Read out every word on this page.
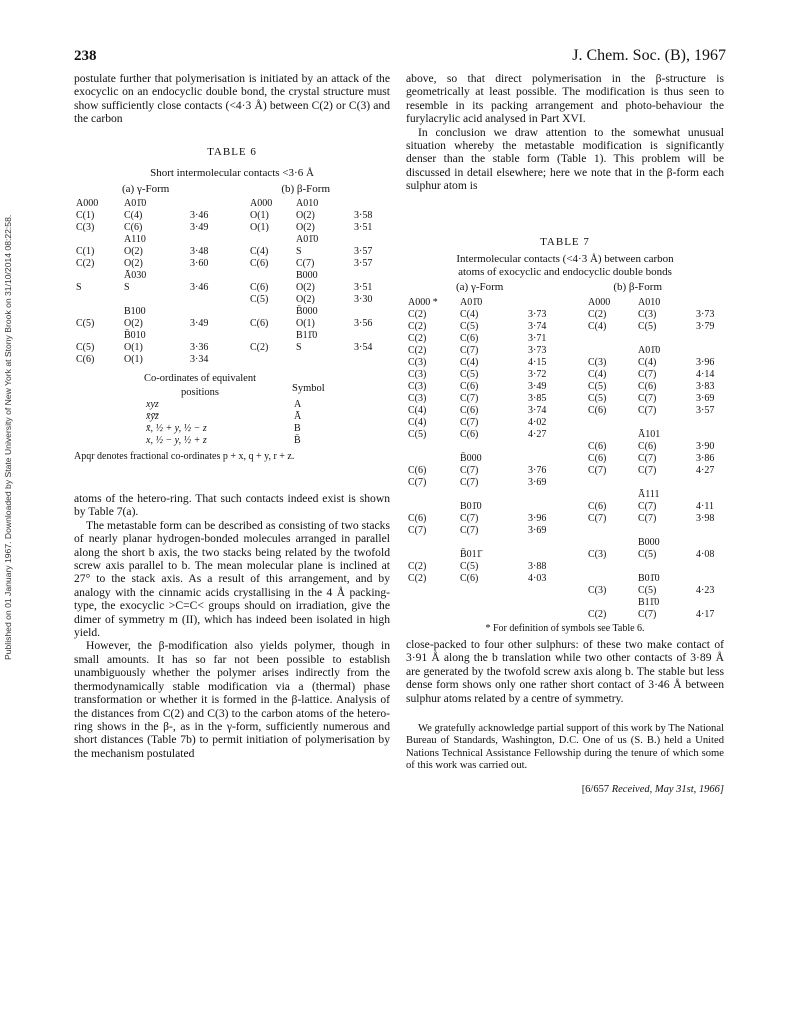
238	J. Chem. Soc. (B), 1967
Published on 01 January 1967. Downloaded by State University of New York at Stony Brook on 31/10/2014 08:22:58.

postulate further that polymerisation is initiated by an attack of the exocyclic on an endocyclic double bond, the crystal structure must show sufficiently close contacts (<4·3 Å) between C(2) or C(3) and the carbon

TABLE 6
Short intermolecular contacts <3·6 Å
(a) γ-Form	(b) β-Form
A000	A01̄0		A000	A010	
C(1)	C(4)	3·46	O(1)	O(2)	3·58
C(3)	C(6)	3·49	O(1)	O(2)	3·51
	A110			A01̄0	
C(1)	O(2)	3·48	C(4)	S	3·57
C(2)	O(2)	3·60	C(6)	C(7)	3·57
	Ā030			B000	
S	S	3·46	C(6)	O(2)	3·51
			C(5)	O(2)	3·30
	B100			B̄000	
C(5)	O(2)	3·49	C(6)	O(1)	3·56
	B̄010			B11̄0	
C(5)	O(1)	3·36	C(2)	S	3·54
C(6)	O(1)	3·34			
Co-ordinates of equivalent positions	Symbol
xyz	A
x̄ȳz̄	Ā
x̄, ½ + y, ½ − z	B
x, ½ − y, ½ + z	B̄
Apqr denotes fractional co-ordinates p + x, q + y, r + z.

atoms of the hetero-ring. That such contacts indeed exist is shown by Table 7(a).

The metastable form can be described as consisting of two stacks of nearly planar hydrogen-bonded molecules arranged in parallel along the short b axis, the two stacks being related by the twofold screw axis parallel to b. The mean molecular plane is inclined at 27° to the stack axis. As a result of this arrangement, and by analogy with the cinnamic acids crystallising in the 4 Å packing-type, the exocyclic >C=C< groups should on irradiation, give the dimer of symmetry m (II), which has indeed been isolated in high yield.

However, the β-modification also yields polymer, though in small amounts. It has so far not been possible to establish unambiguously whether the polymer arises indirectly from the thermodynamically stable modification via a (thermal) phase transformation or whether it is formed in the β-lattice. Analysis of the distances from C(2) and C(3) to the carbon atoms of the hetero-ring shows in the β-, as in the γ-form, sufficiently numerous and short distances (Table 7b) to permit initiation of polymerisation by the mechanism postulated

above, so that direct polymerisation in the β-structure is geometrically at least possible. The modification is thus seen to resemble in its packing arrangement and photo-behaviour the furylacrylic acid analysed in Part XVI.

In conclusion we draw attention to the somewhat unusual situation whereby the metastable modification is significantly denser than the stable form (Table 1). This problem will be discussed in detail elsewhere; here we note that in the β-form each sulphur atom is

TABLE 7
Intermolecular contacts (<4·3 Å) between carbon atoms of exocyclic and endocyclic double bonds
(a) γ-Form	(b) β-Form
A000 *	A01̄0		A000	A010	
C(2)	C(4)	3·73	C(2)	C(3)	3·73
C(2)	C(5)	3·74	C(4)	C(5)	3·79
C(2)	C(6)	3·71			
C(2)	C(7)	3·73		A01̄0	
C(3)	C(4)	4·15	C(3)	C(4)	3·96
C(3)	C(5)	3·72	C(4)	C(7)	4·14
C(3)	C(6)	3·49	C(5)	C(6)	3·83
C(3)	C(7)	3·85	C(5)	C(7)	3·69
C(4)	C(6)	3·74	C(6)	C(7)	3·57
C(4)	C(7)	4·02			
C(5)	C(6)	4·27		Ā101	
			C(6)	C(6)	3·90
	B̄000		C(6)	C(7)	3·86
C(6)	C(7)	3·76	C(7)	C(7)	4·27
C(7)	C(7)	3·69			
				Ā111	
	B01̄0		C(6)	C(7)	4·11
C(6)	C(7)	3·96	C(7)	C(7)	3·98
C(7)	C(7)	3·69			
				B000	
	B̄011̄		C(3)	C(5)	4·08
C(2)	C(5)	3·88			
C(2)	C(6)	4·03		B01̄0	
			C(3)	C(5)	4·23
				B11̄0	
			C(2)	C(7)	4·17
* For definition of symbols see Table 6.

close-packed to four other sulphurs: of these two make contact of 3·91 Å along the b translation while two other contacts of 3·89 Å are generated by the twofold screw axis along b. The stable but less dense form shows only one rather short contact of 3·46 Å between sulphur atoms related by a centre of symmetry.

We gratefully acknowledge partial support of this work by The National Bureau of Standards, Washington, D.C. One of us (S. B.) held a United Nations Technical Assistance Fellowship during the tenure of which some of this work was carried out.

[6/657 Received, May 31st, 1966]
